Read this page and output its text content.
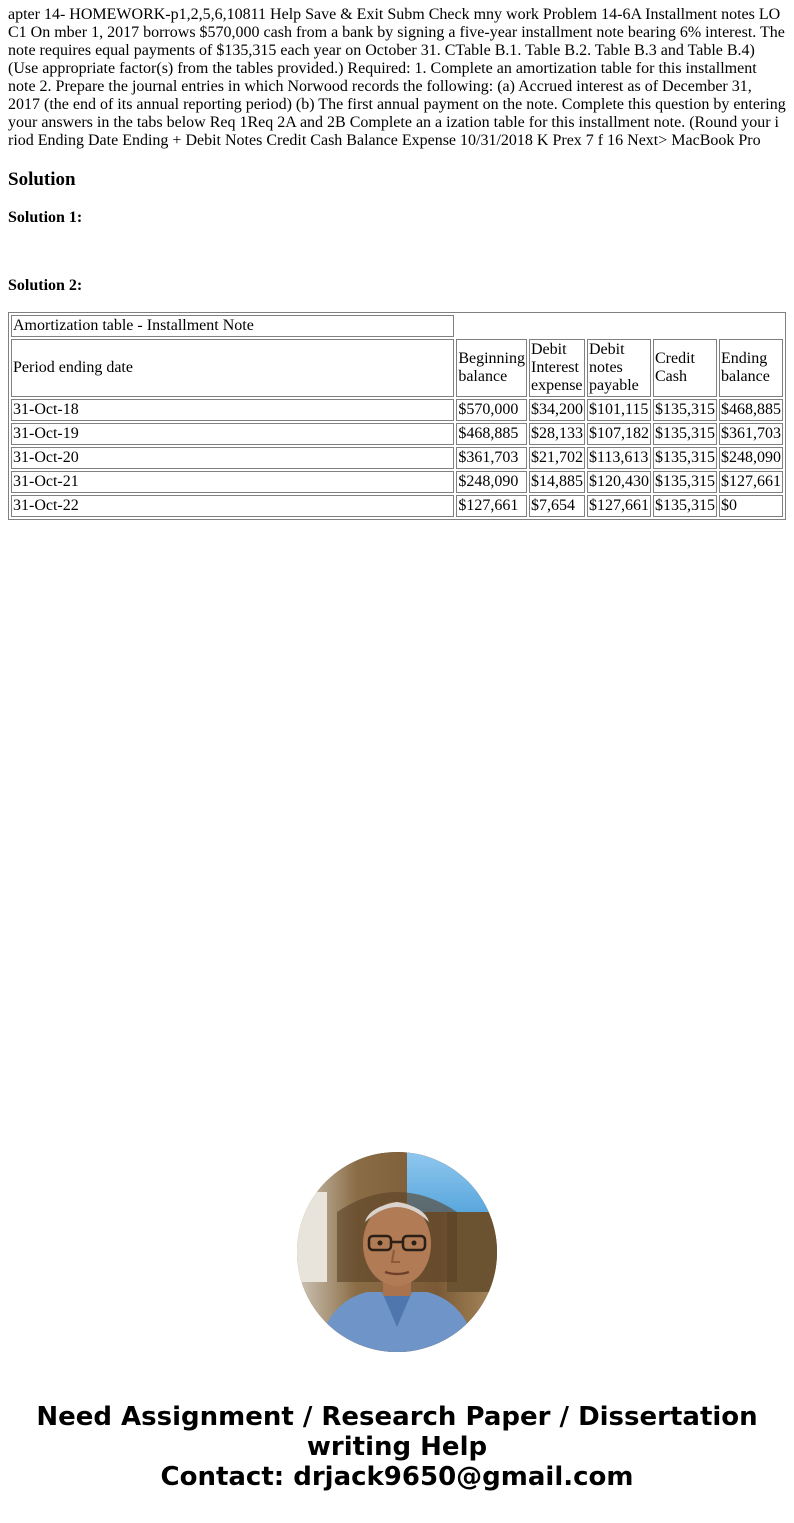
apter 14- HOMEWORK-p1,2,5,6,10811 Help Save & Exit Subm Check mny work Problem 14-6A Installment notes LO C1 On mber 1, 2017 borrows $570,000 cash from a bank by signing a five-year installment note bearing 6% interest. The note requires equal payments of $135,315 each year on October 31. CTable B.1. Table B.2. Table B.3 and Table B.4) (Use appropriate factor(s) from the tables provided.) Required: 1. Complete an amortization table for this installment note 2. Prepare the journal entries in which Norwood records the following: (a) Accrued interest as of December 31, 2017 (the end of its annual reporting period) (b) The first annual payment on the note. Complete this question by entering your answers in the tabs below Req 1Req 2A and 2B Complete an a ization table for this installment note. (Round your i riod Ending Date Ending + Debit Notes Credit Cash Balance Expense 10/31/2018 K Prex 7 f 16 Next> MacBook Pro

Solution
Solution 1:
Solution 2:
Amortization table - Installment Note					
Period ending date	Beginning balance	Debit Interest expense	Debit notes payable	Credit Cash	Ending balance
31-Oct-18	$570,000	$34,200	$101,115	$135,315	$468,885
31-Oct-19	$468,885	$28,133	$107,182	$135,315	$361,703
31-Oct-20	$361,703	$21,702	$113,613	$135,315	$248,090
31-Oct-21	$248,090	$14,885	$120,430	$135,315	$127,661
31-Oct-22	$127,661	$7,654	$127,661	$135,315	$0
Need Assignment / Research Paper / Dissertation writing Help
Contact: drjack9650@gmail.com
